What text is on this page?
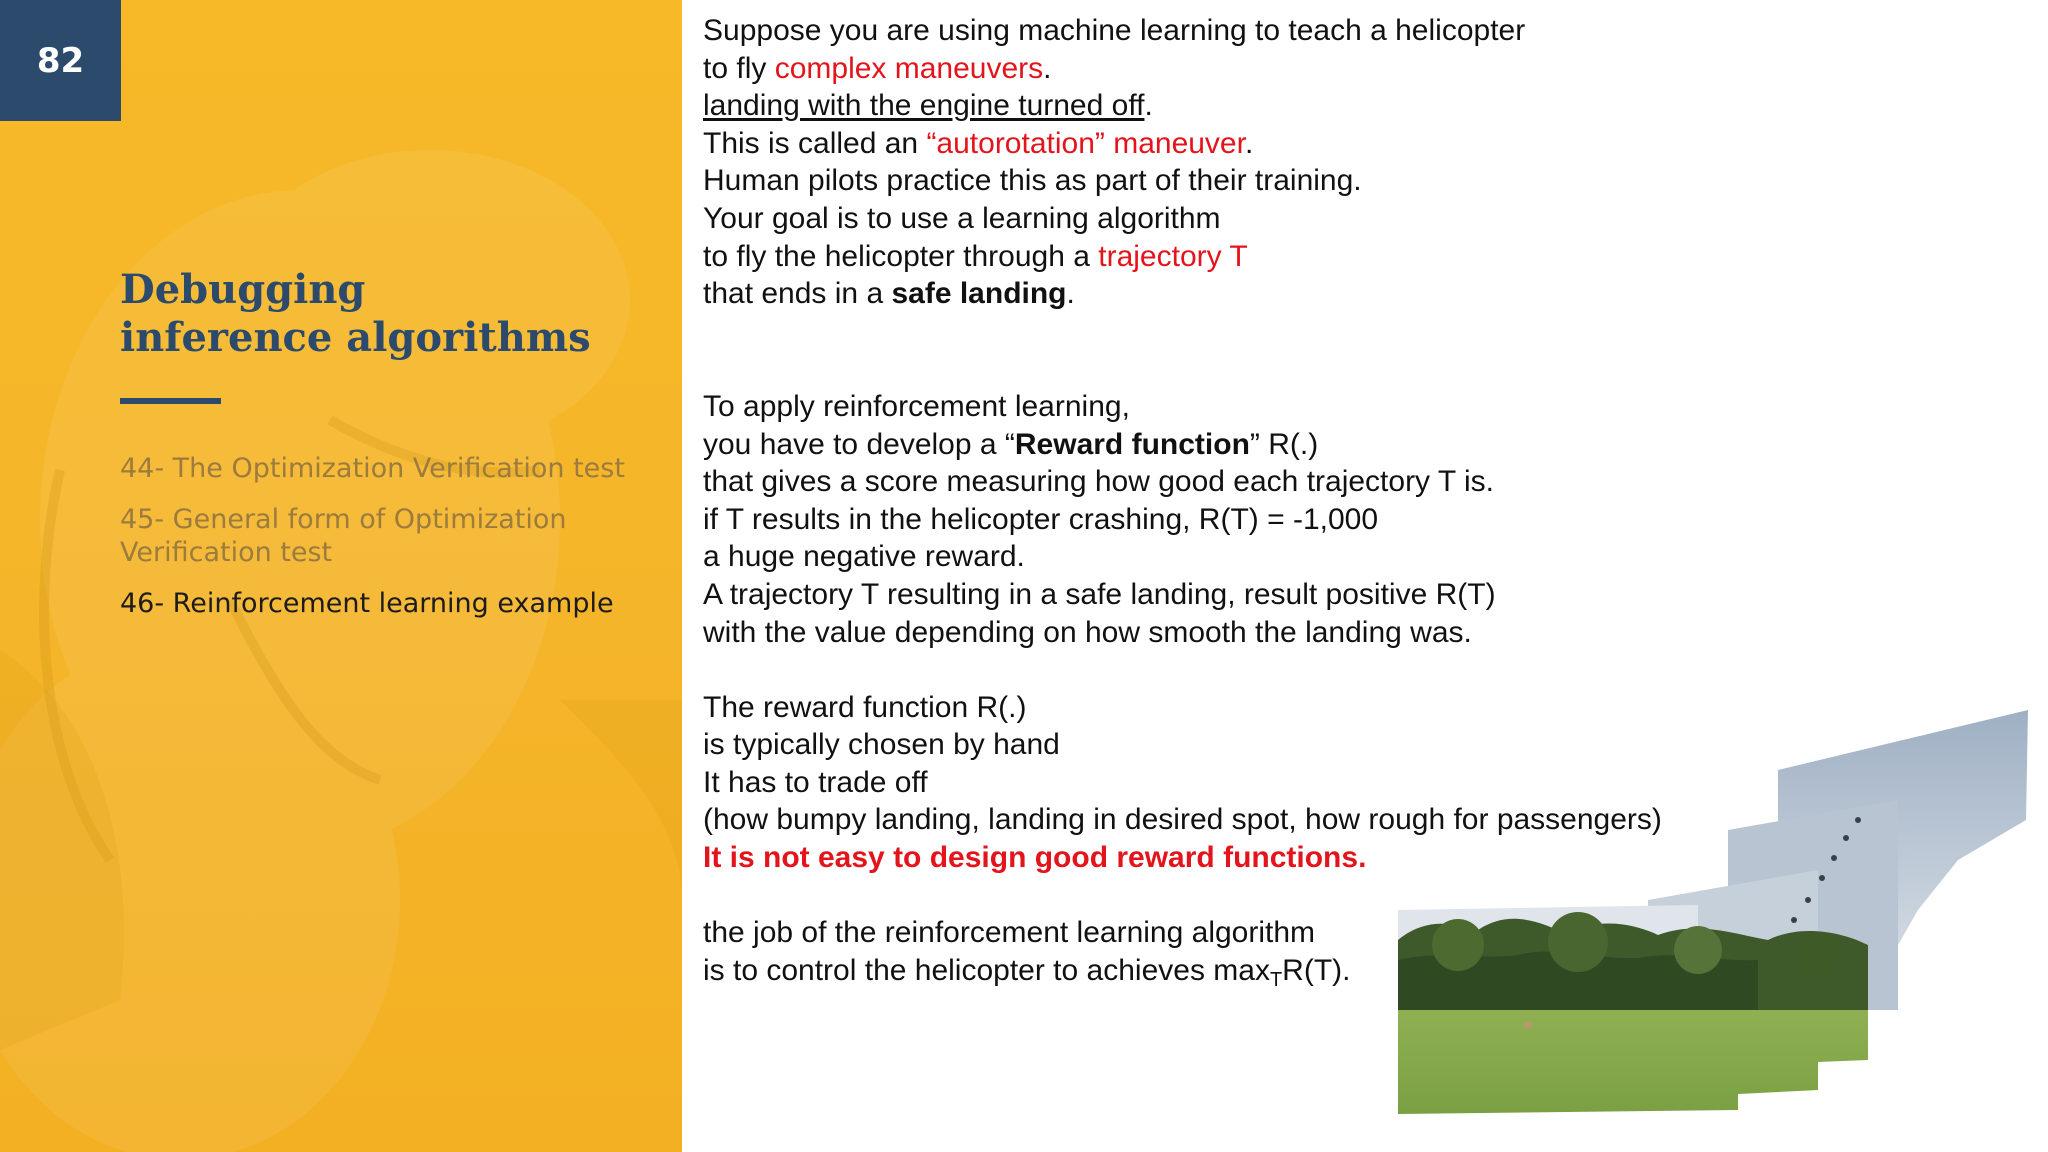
82
Debugging
inference algorithms
44- The Optimization Verification test
45- General form of Optimization
Verification test
46- Reinforcement learning example
Suppose you are using machine learning to teach a helicopter
to fly complex maneuvers.
landing with the engine turned off.
This is called an “autorotation” maneuver.
Human pilots practice this as part of their training.
Your goal is to use a learning algorithm
to fly the helicopter through a trajectory T
that ends in a safe landing.
To apply reinforcement learning,
you have to develop a “Reward function” R(.)
that gives a score measuring how good each trajectory T is.
if T results in the helicopter crashing, R(T) = -1,000
a huge negative reward.
A trajectory T resulting in a safe landing, result positive R(T)
with the value depending on how smooth the landing was.
The reward function R(.)
is typically chosen by hand
It has to trade off
(how bumpy landing, landing in desired spot, how rough for passengers)
It is not easy to design good reward functions.
the job of the reinforcement learning algorithm
is to control the helicopter to achieves $\max_TR(T)$.
